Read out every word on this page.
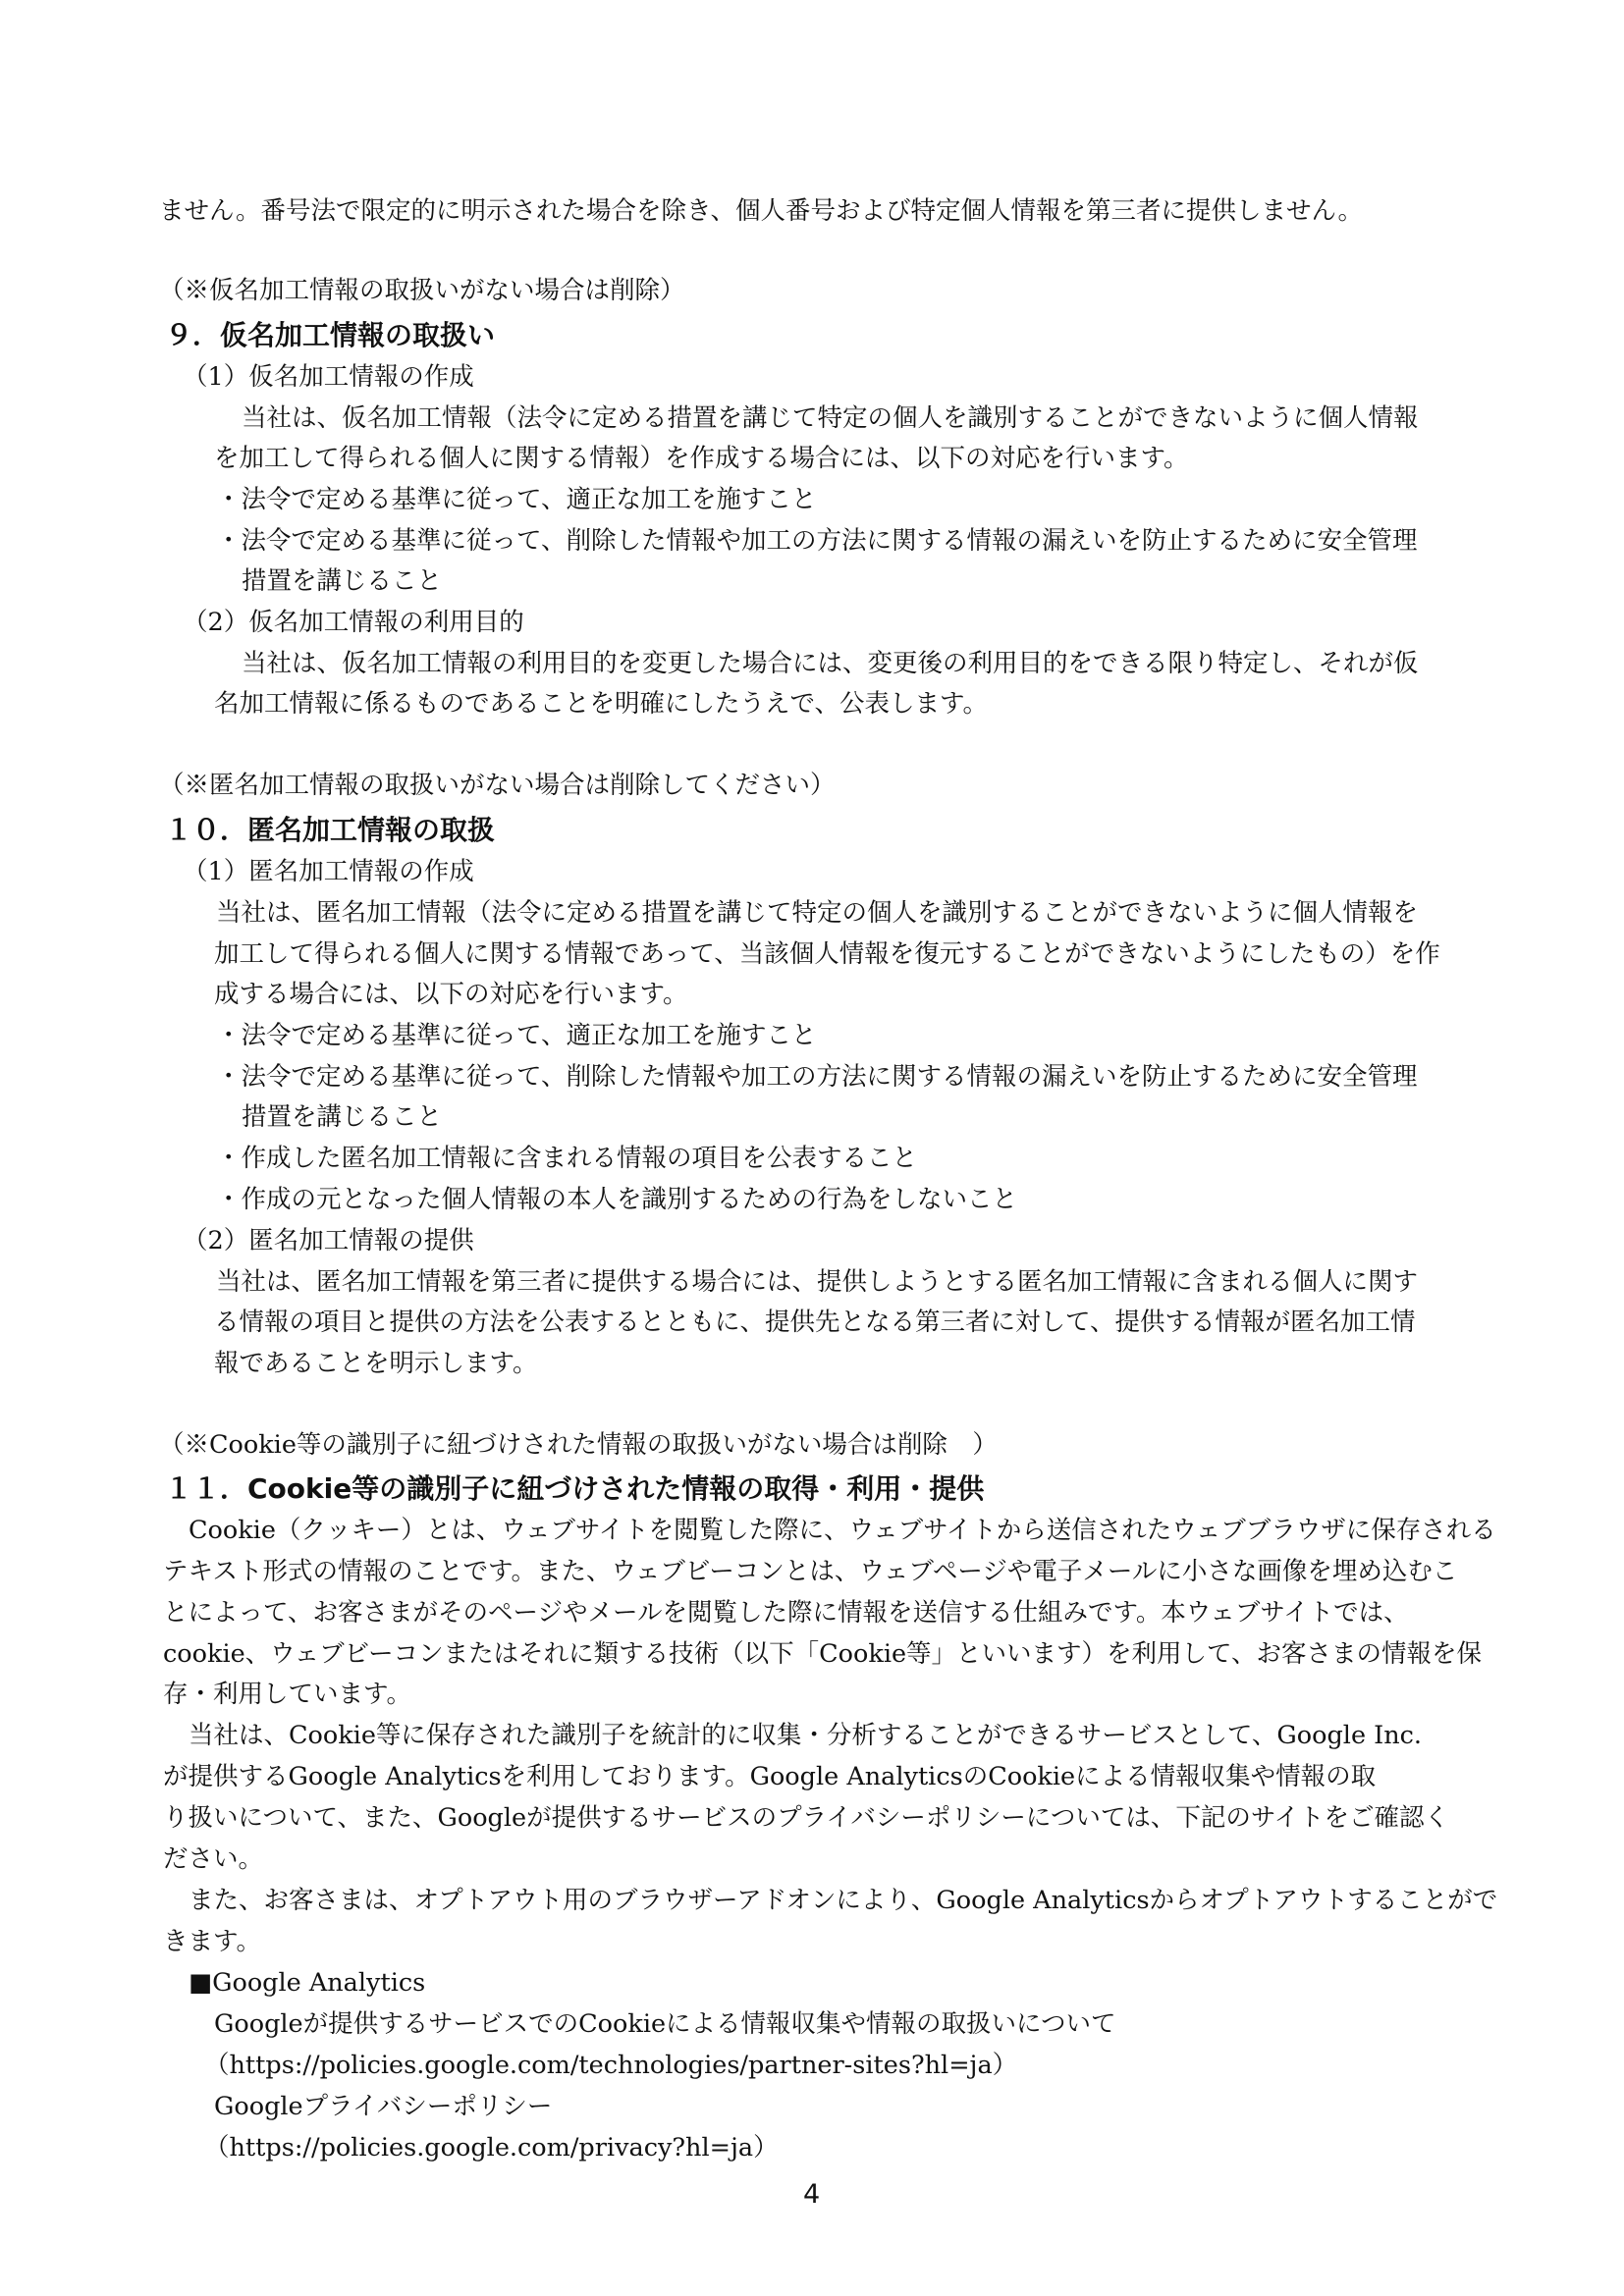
ません。番号法で限定的に明示された場合を除き、個人番号および特定個人情報を第三者に提供しません。
（※仮名加工情報の取扱いがない場合は削除）
９．仮名加工情報の取扱い
（1）仮名加工情報の作成
当社は、仮名加工情報（法令に定める措置を講じて特定の個人を識別することができないように個人情報
を加工して得られる個人に関する情報）を作成する場合には、以下の対応を行います。
・法令で定める基準に従って、適正な加工を施すこと
・法令で定める基準に従って、削除した情報や加工の方法に関する情報の漏えいを防止するために安全管理
措置を講じること
（2）仮名加工情報の利用目的
当社は、仮名加工情報の利用目的を変更した場合には、変更後の利用目的をできる限り特定し、それが仮
名加工情報に係るものであることを明確にしたうえで、公表します。
（※匿名加工情報の取扱いがない場合は削除してください）
１０．匿名加工情報の取扱
（1）匿名加工情報の作成
当社は、匿名加工情報（法令に定める措置を講じて特定の個人を識別することができないように個人情報を
加工して得られる個人に関する情報であって、当該個人情報を復元することができないようにしたもの）を作
成する場合には、以下の対応を行います。
・法令で定める基準に従って、適正な加工を施すこと
・法令で定める基準に従って、削除した情報や加工の方法に関する情報の漏えいを防止するために安全管理
措置を講じること
・作成した匿名加工情報に含まれる情報の項目を公表すること
・作成の元となった個人情報の本人を識別するための行為をしないこと
（2）匿名加工情報の提供
当社は、匿名加工情報を第三者に提供する場合には、提供しようとする匿名加工情報に含まれる個人に関す
る情報の項目と提供の方法を公表するとともに、提供先となる第三者に対して、提供する情報が匿名加工情
報であることを明示します。
（※Cookie等の識別子に紐づけされた情報の取扱いがない場合は削除　）
１１．Cookie等の識別子に紐づけされた情報の取得・利用・提供
Cookie（クッキー）とは、ウェブサイトを閲覧した際に、ウェブサイトから送信されたウェブブラウザに保存される
テキスト形式の情報のことです。また、ウェブビーコンとは、ウェブページや電子メールに小さな画像を埋め込むこ
とによって、お客さまがそのページやメールを閲覧した際に情報を送信する仕組みです。本ウェブサイトでは、
cookie、ウェブビーコンまたはそれに類する技術（以下「Cookie等」といいます）を利用して、お客さまの情報を保
存・利用しています。
当社は、Cookie等に保存された識別子を統計的に収集・分析することができるサービスとして、Google Inc.
が提供するGoogle Analyticsを利用しております。Google AnalyticsのCookieによる情報収集や情報の取
り扱いについて、また、Googleが提供するサービスのプライバシーポリシーについては、下記のサイトをご確認く
ださい。
また、お客さまは、オプトアウト用のブラウザーアドオンにより、Google Analyticsからオプトアウトすることがで
きます。
■Google Analytics
Googleが提供するサービスでのCookieによる情報収集や情報の取扱いについて
（https://policies.google.com/technologies/partner-sites?hl=ja）
Googleプライバシーポリシー
（https://policies.google.com/privacy?hl=ja）
4
